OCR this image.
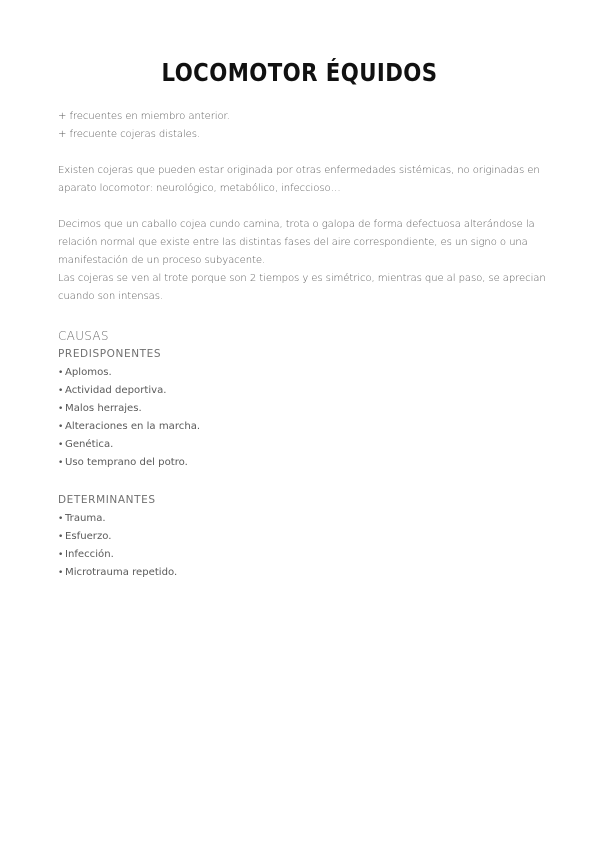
LOCOMOTOR ÉQUIDOS
+ frecuentes en miembro anterior.
+ frecuente cojeras distales.
Existen cojeras que pueden estar originada por otras enfermedades sistémicas, no originadas en
aparato locomotor: neurológico, metabólico, infeccioso…
Decimos que un caballo cojea cundo camina, trota o galopa de forma defectuosa alterándose la
relación normal que existe entre las distintas fases del aire correspondiente, es un signo o una
manifestación de un proceso subyacente.
Las cojeras se ven al trote porque son 2 tiempos y es simétrico, mientras que al paso, se aprecian
cuando son intensas.
CAUSAS
PREDISPONENTES
• Aplomos.
• Actividad deportiva.
• Malos herrajes.
• Alteraciones en la marcha.
• Genética.
• Uso temprano del potro.
DETERMINANTES
• Trauma.
• Esfuerzo.
• Infección.
• Microtrauma repetido.
